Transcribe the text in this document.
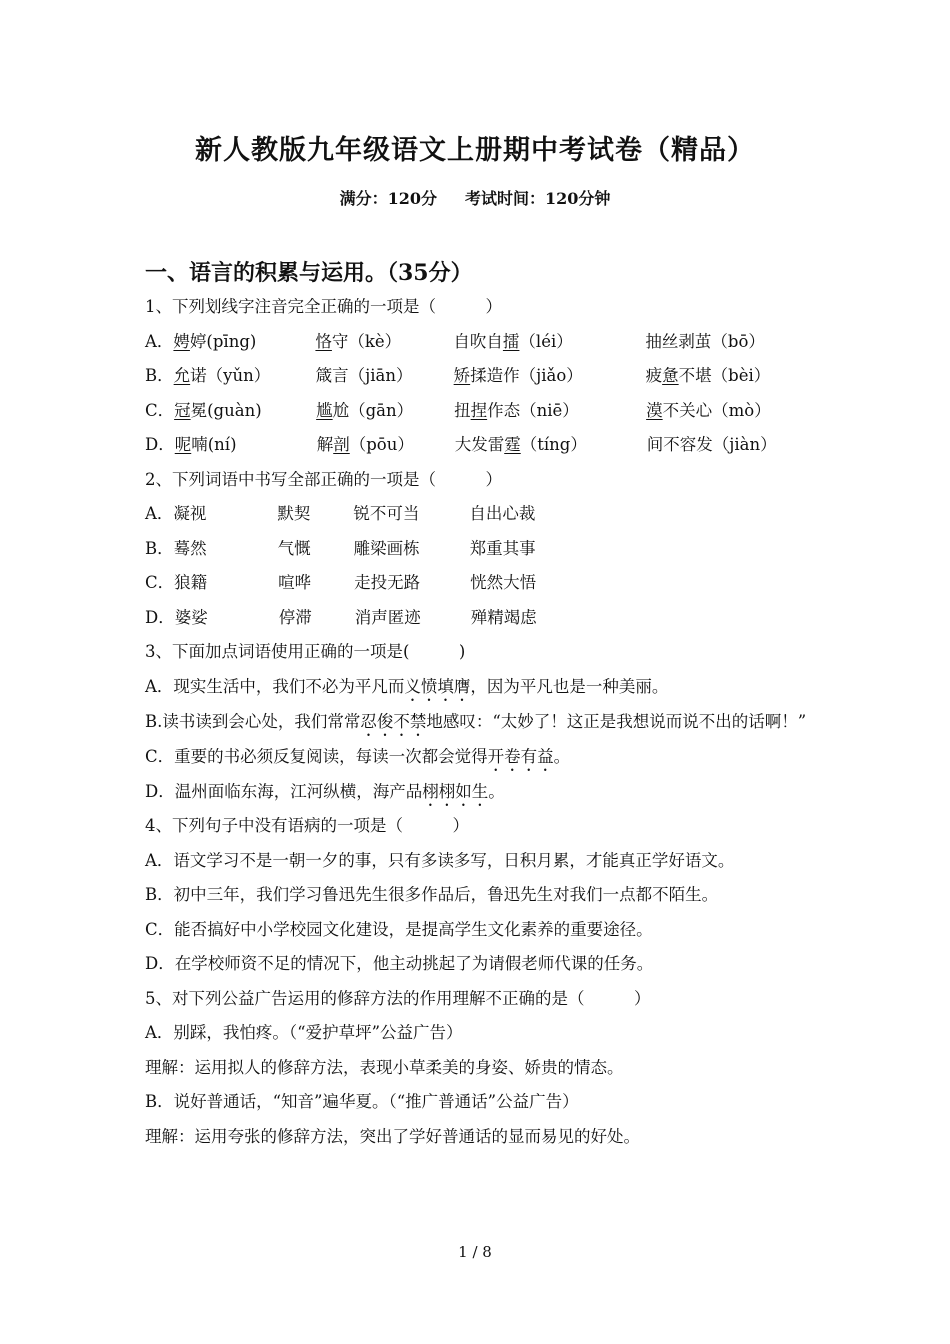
新人教版九年级语文上册期中考试卷（精品）
满分：120分 考试时间：120分钟
一、语言的积累与运用。（35分）
1、下列划线字注音完全正确的一项是（　　　）
A．娉婷(pīng)	恪守（kè）	自吹自擂（léi）	抽丝剥茧（bō）
B．允诺（yǔn）	箴言（jiān） 矫揉造作（jiǎo）	疲惫不堪（bèi）
C．冠冕(guàn)	尴尬（gān） 扭捏作态（niē）	漠不关心（mò）
D．呢喃(ní)	解剖（pōu） 大发雷霆（tíng）	间不容发（jiàn）
2、下列词语中书写全部正确的一项是（　　　）
A．凝视	默契	锐不可当	自出心裁
B．蓦然	气慨	雕梁画栋	郑重其事
C．狼籍	喧哗	走投无路	恍然大悟
D．婆娑	停滞	消声匿迹	殚精竭虑
3、下面加点词语使用正确的一项是(　　　)
A．现实生活中，我们不必为平凡而义愤填膺，因为平凡也是一种美丽。
B.读书读到会心处，我们常常忍俊不禁地感叹：“太妙了！这正是我想说而说不出的话啊！”
C．重要的书必须反复阅读，每读一次都会觉得开卷有益。
D．温州面临东海，江河纵横，海产品栩栩如生。
4、下列句子中没有语病的一项是（　　　）
A．语文学习不是一朝一夕的事，只有多读多写，日积月累，才能真正学好语文。
B．初中三年，我们学习鲁迅先生很多作品后，鲁迅先生对我们一点都不陌生。
C．能否搞好中小学校园文化建设，是提高学生文化素养的重要途径。
D．在学校师资不足的情况下，他主动挑起了为请假老师代课的任务。
5、对下列公益广告运用的修辞方法的作用理解不正确的是（　　　）
A．别踩，我怕疼。（“爱护草坪”公益广告）
理解：运用拟人的修辞方法，表现小草柔美的身姿、娇贵的情态。
B．说好普通话，“知音”遍华夏。（“推广普通话”公益广告）
理解：运用夸张的修辞方法，突出了学好普通话的显而易见的好处。
1 / 8
